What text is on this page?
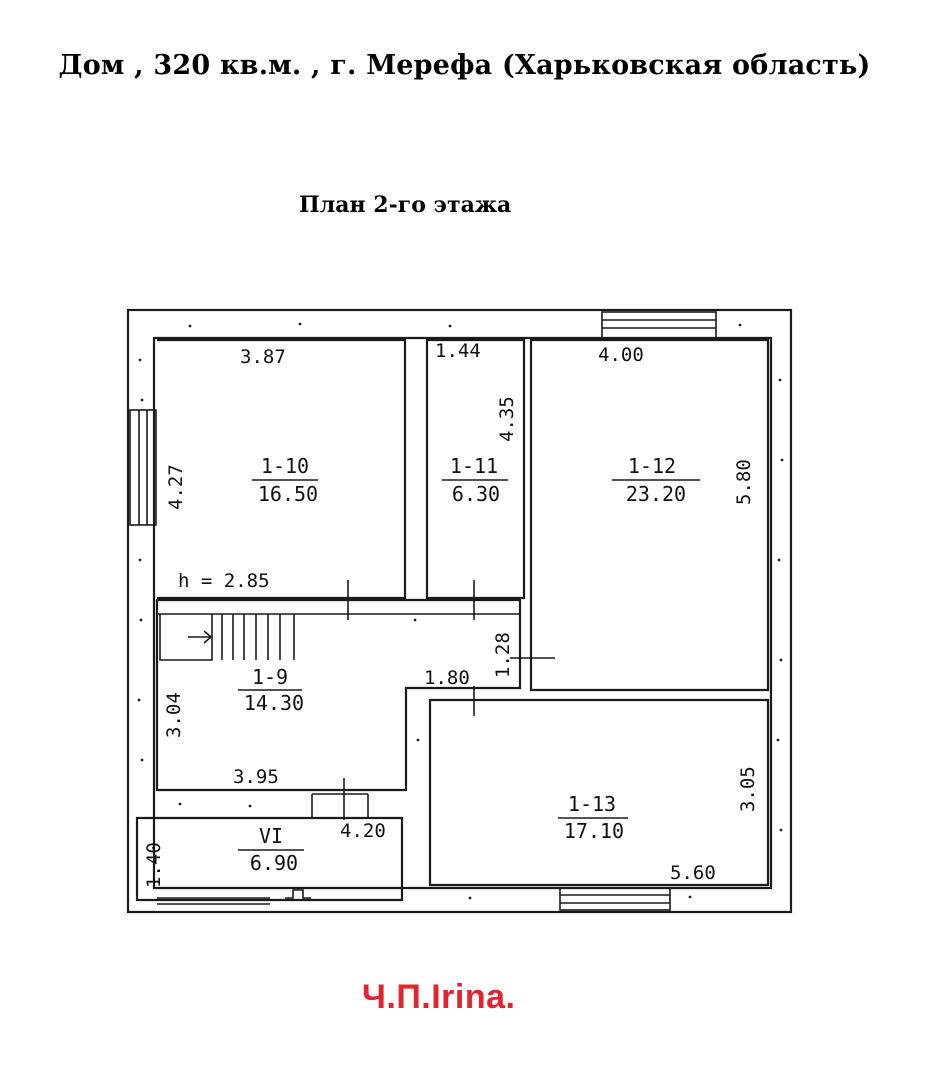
Дом , 320 кв.м. , г. Мерефа (Харьковская область)
План 2-го этажа
1-10
16.50
1-11
6.30
1-12
23.20
1-9
14.30
1-13
17.10
VI
6.90
3.87	1.44
4.35
4.00
5.80
4.27
h = 2.85
1.28
1.80
3.04
3.95
4.20
3.05
1.40	5.60
Ч.П.Irina.
